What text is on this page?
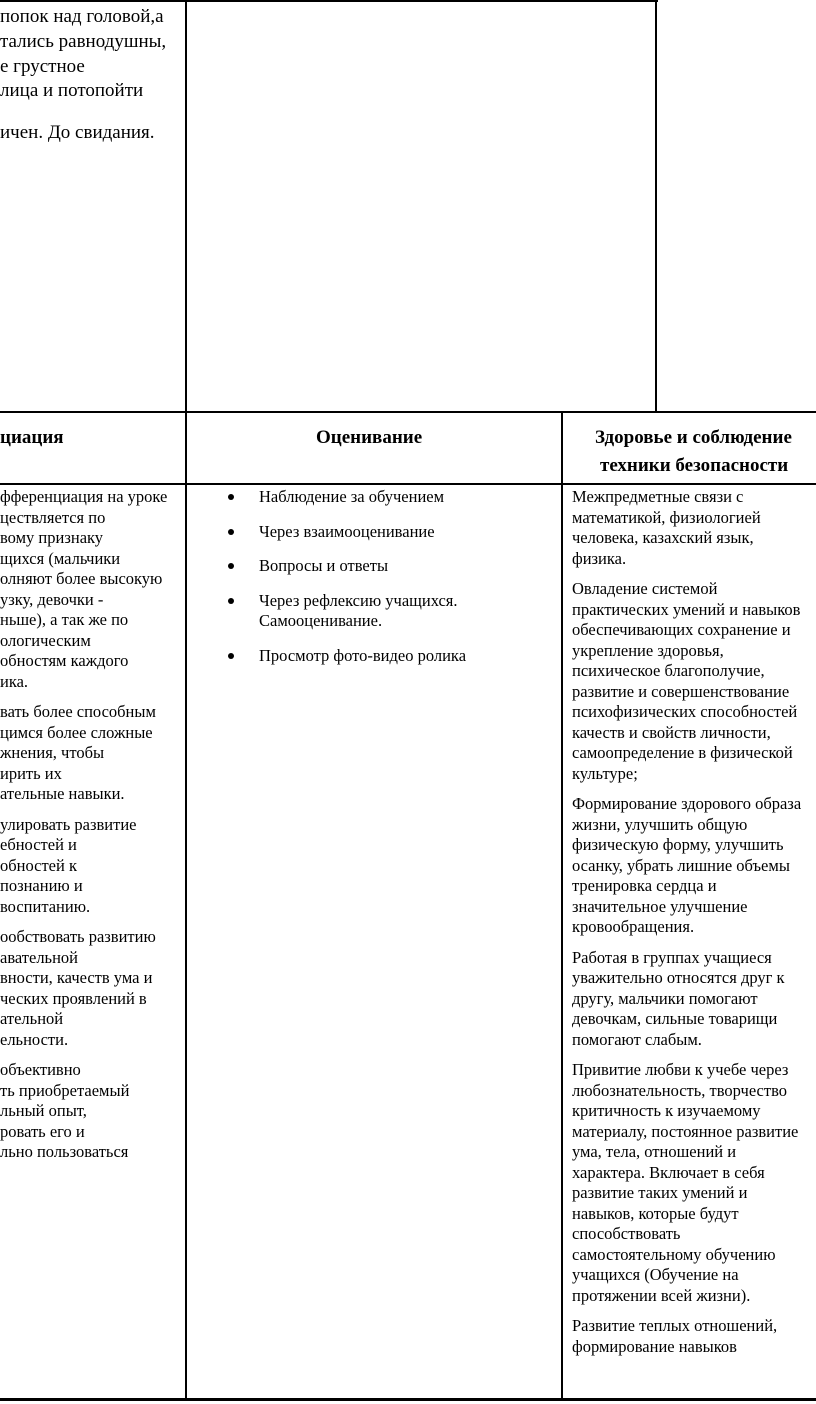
попок над головой,а
тались равнодушны,
е грустное
лица и потопойти
ичен. До свидания.
циация	Оценивание	Здоровье и соблюдение
техники безопасности
фференциация на уроке
цествляется по
вому признаку
щихся (мальчики
олняют более высокую
узку, девочки -
ньше), а так же по
ологическим
обностям каждого
ика.
вать более способным
цимся более сложные
жнения, чтобы
ирить их
ательные навыки.
улировать развитие
ебностей и
обностей к
познанию и
воспитанию.
ообствовать развитию
авательной
вности, качеств ума и
ческих проявлений в
ательной
ельности.
объективно
ть приобретаемый
льный опыт,
ровать его и
льно пользоваться
Наблюдение за обучением
Через взаимооценивание
Вопросы и ответы
Через рефлексию учащихся.
Самооценивание.
Просмотр фото-видео ролика
Межпредметные связи с
математикой, физиологией
человека, казахский язык,
физика.
Овладение системой
практических умений и навыков
обеспечивающих сохранение и
укрепление здоровья,
психическое благополучие,
развитие и совершенствование
психофизических способностей
качеств и свойств личности,
самоопределение в физической
культуре;
Формирование здорового образа
жизни, улучшить общую
физическую форму, улучшить
осанку, убрать лишние объемы
тренировка сердца и
значительное улучшение
кровообращения.
Работая в группах учащиеся
уважительно относятся друг к
другу, мальчики помогают
девочкам, сильные товарищи
помогают слабым.
Привитие любви к учебе через
любознательность, творчество
критичность к изучаемому
материалу, постоянное развитие
ума, тела, отношений и
характера. Включает в себя
развитие таких умений и
навыков, которые будут
способствовать
самостоятельному обучению
учащихся (Обучение на
протяжении всей жизни).
Развитие теплых отношений,
формирование навыков
